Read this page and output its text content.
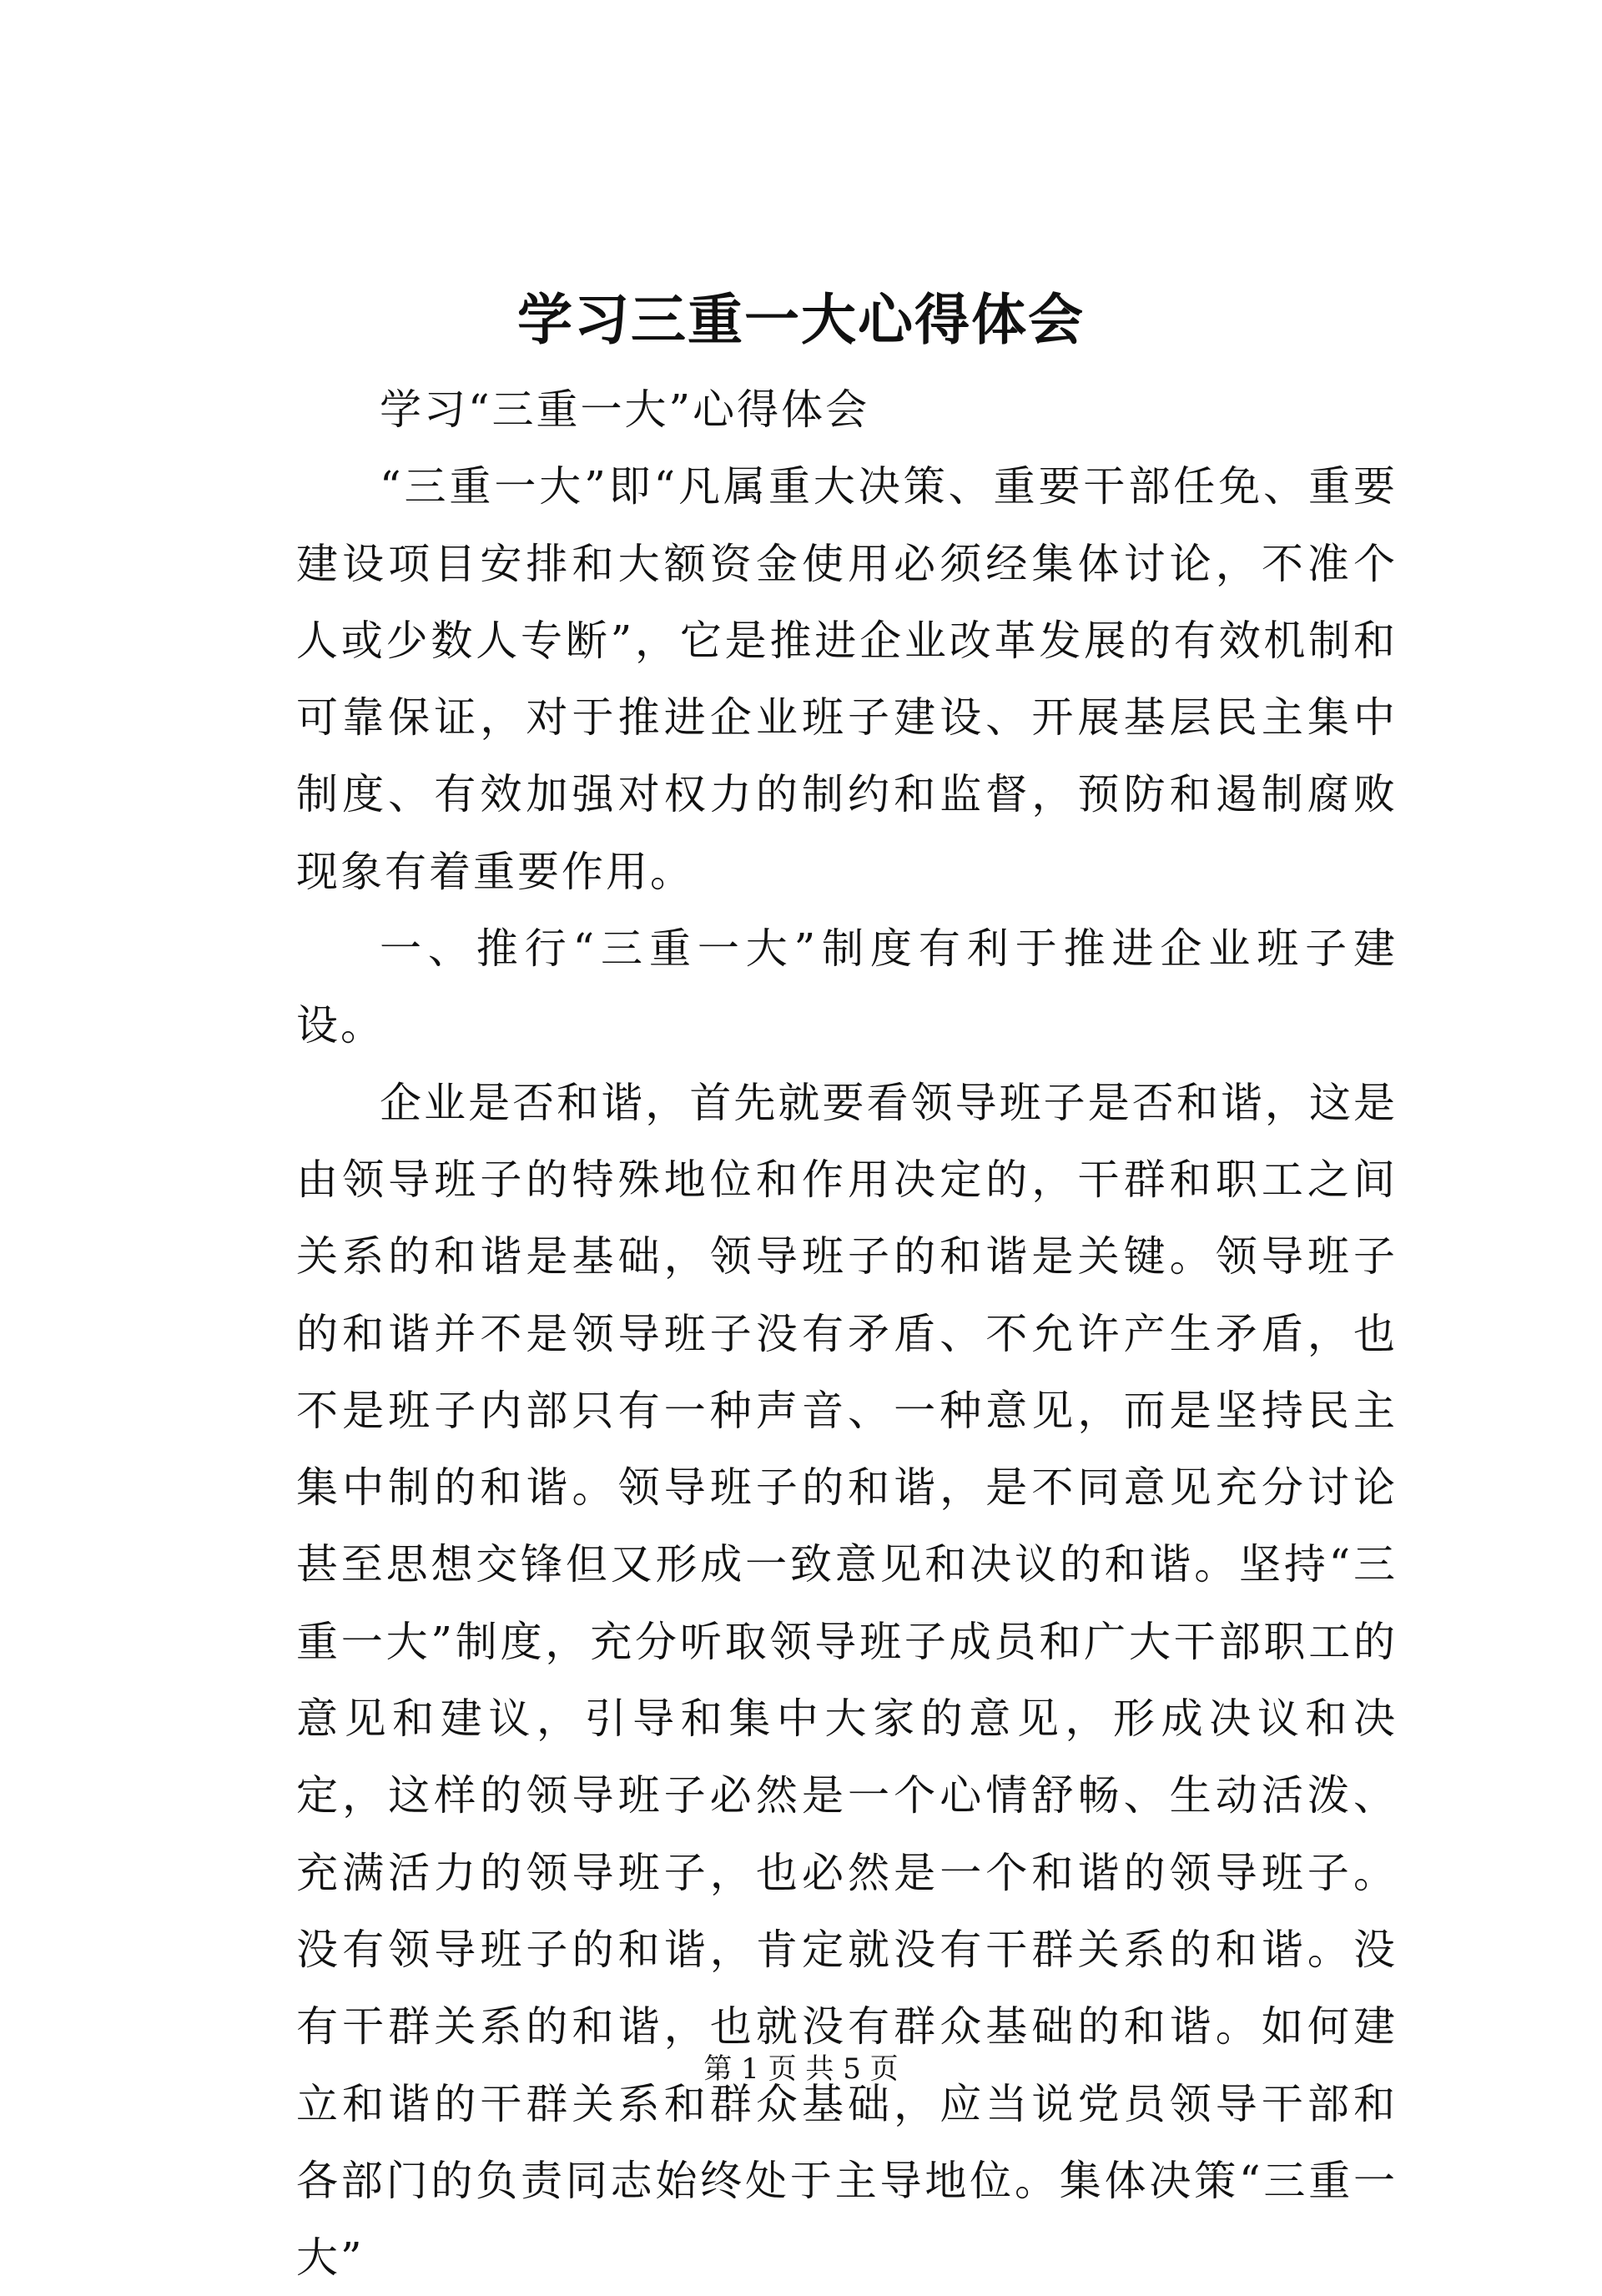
学习三重一大心得体会

学习“三重一大”心得体会

“三重一大”即“凡属重大决策、重要干部任免、重要建设项目安排和大额资金使用必须经集体讨论，不准个人或少数人专断”，它是推进企业改革发展的有效机制和可靠保证，对于推进企业班子建设、开展基层民主集中制度、有效加强对权力的制约和监督，预防和遏制腐败现象有着重要作用。

一、推行“三重一大”制度有利于推进企业班子建设。

企业是否和谐，首先就要看领导班子是否和谐，这是由领导班子的特殊地位和作用决定的，干群和职工之间关系的和谐是基础，领导班子的和谐是关键。领导班子的和谐并不是领导班子没有矛盾、不允许产生矛盾，也不是班子内部只有一种声音、一种意见，而是坚持民主集中制的和谐。领导班子的和谐，是不同意见充分讨论甚至思想交锋但又形成一致意见和决议的和谐。坚持“三重一大”制度，充分听取领导班子成员和广大干部职工的意见和建议，引导和集中大家的意见，形成决议和决定，这样的领导班子必然是一个心情舒畅、生动活泼、充满活力的领导班子，也必然是一个和谐的领导班子。没有领导班子的和谐，肯定就没有干群关系的和谐。没有干群关系的和谐，也就没有群众基础的和谐。如何建立和谐的干群关系和群众基础，应当说党员领导干部和各部门的负责同志始终处于主导地位。集体决策“三重一大”

第 1 页 共 5 页
